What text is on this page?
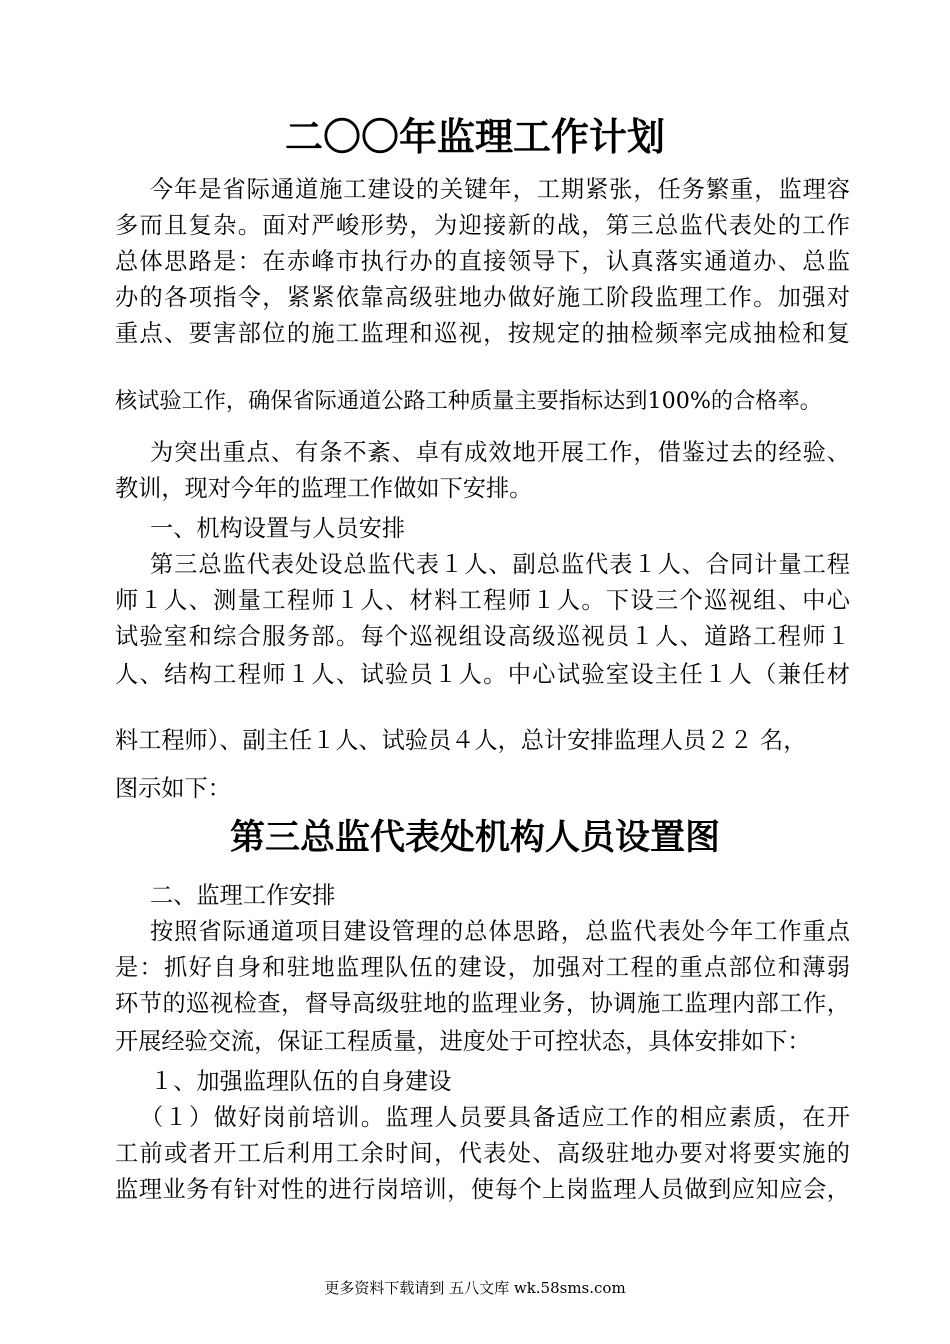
二〇〇年监理工作计划
今年是省际通道施工建设的关键年，工期紧张，任务繁重，监理容
多而且复杂。面对严峻形势，为迎接新的战，第三总监代表处的工作
总体思路是：在赤峰市执行办的直接领导下，认真落实通道办、总监
办的各项指令，紧紧依靠高级驻地办做好施工阶段监理工作。加强对
重点、要害部位的施工监理和巡视，按规定的抽检频率完成抽检和复
核试验工作，确保省际通道公路工种质量主要指标达到100%的合格率。
为突出重点、有条不紊、卓有成效地开展工作，借鉴过去的经验、
教训，现对今年的监理工作做如下安排。
一、机构设置与人员安排
第三总监代表处设总监代表１人、副总监代表１人、合同计量工程
师１人、测量工程师１人、材料工程师１人。下设三个巡视组、中心
试验室和综合服务部。每个巡视组设高级巡视员１人、道路工程师１
人、结构工程师１人、试验员１人。中心试验室设主任１人（兼任材
料工程师）、副主任１人、试验员４人，总计安排监理人员２２ 名，
图示如下：
第三总监代表处机构人员设置图
二、监理工作安排
按照省际通道项目建设管理的总体思路，总监代表处今年工作重点
是：抓好自身和驻地监理队伍的建设，加强对工程的重点部位和薄弱
环节的巡视检查，督导高级驻地的监理业务，协调施工监理内部工作，
开展经验交流，保证工程质量，进度处于可控状态，具体安排如下：
１、加强监理队伍的自身建设
（１）做好岗前培训。监理人员要具备适应工作的相应素质，在开
工前或者开工后利用工余时间，代表处、高级驻地办要对将要实施的
监理业务有针对性的进行岗培训，使每个上岗监理人员做到应知应会，
更多资料下载请到 五八文库 wk.58sms.com
